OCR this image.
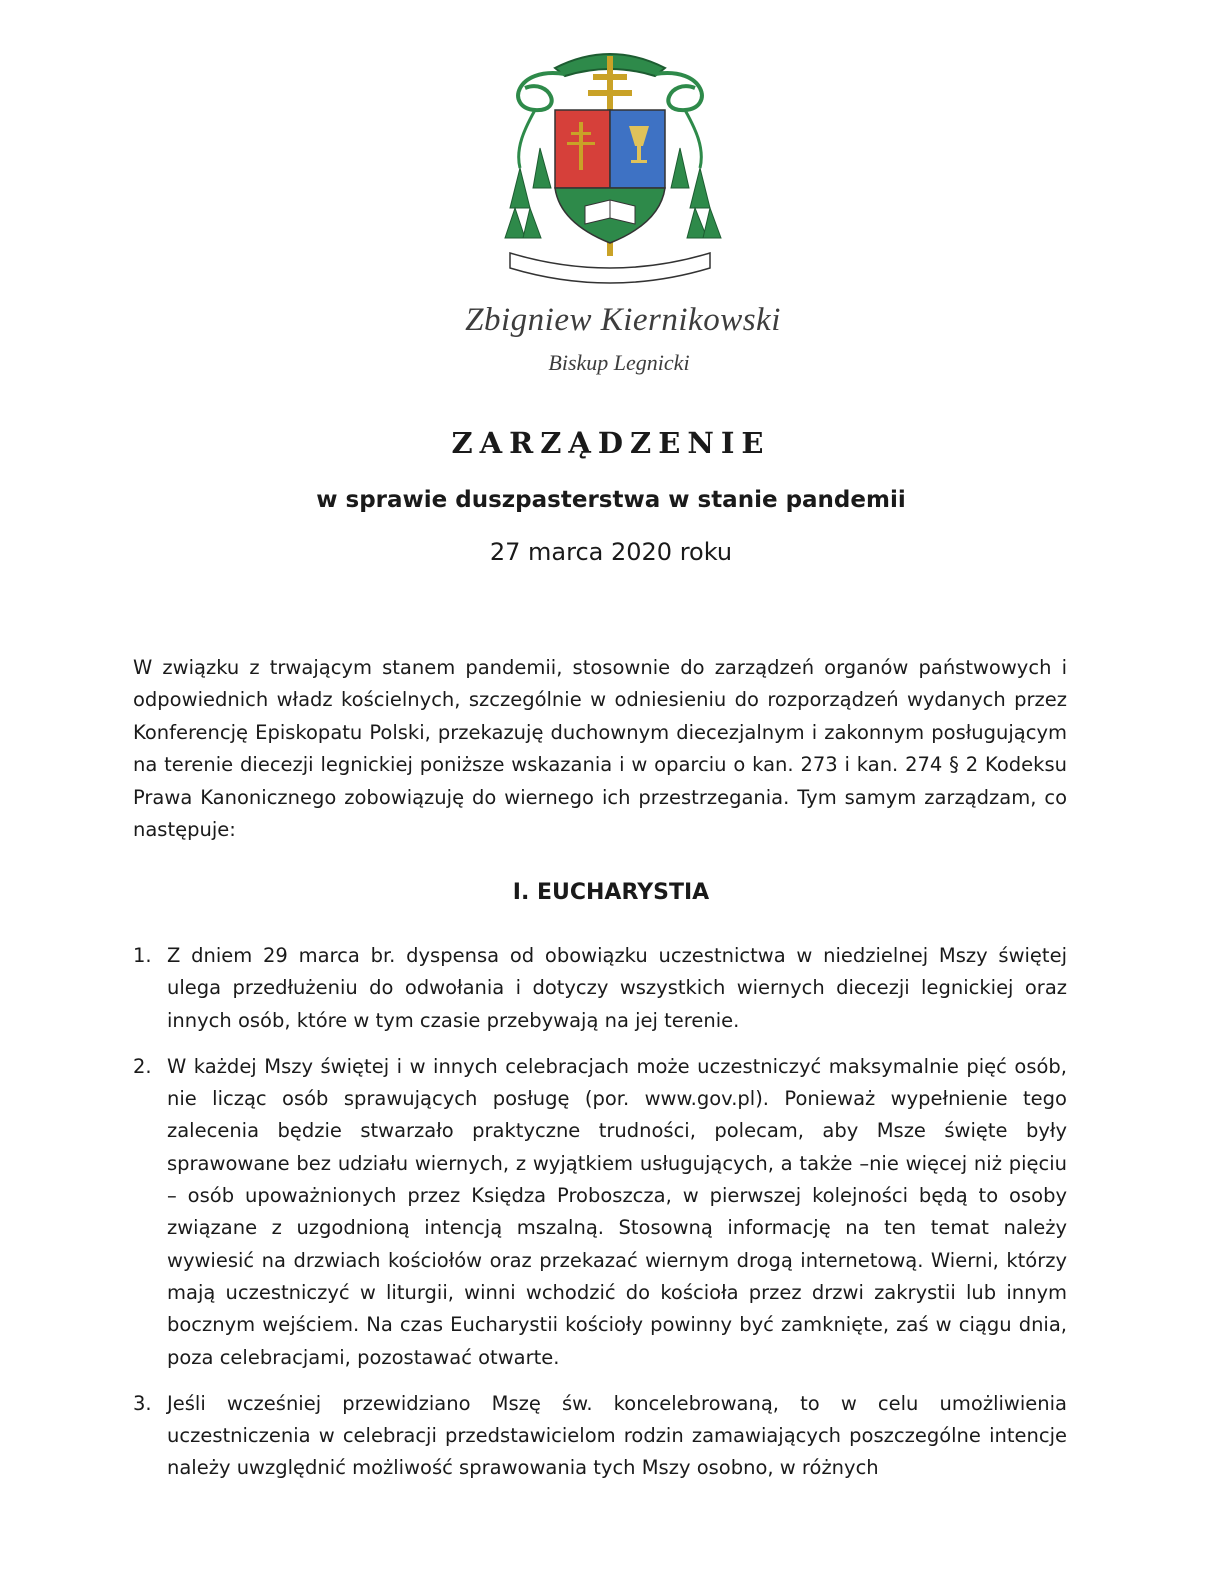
Zbigniew Kiernikowski
Biskup Legnicki
ZARZĄDZENIE
w sprawie duszpasterstwa w stanie pandemii
27 marca 2020 roku

W związku z trwającym stanem pandemii, stosownie do zarządzeń organów państwowych i odpowiednich władz kościelnych, szczególnie w odniesieniu do rozporządzeń wydanych przez Konferencję Episkopatu Polski, przekazuję duchownym diecezjalnym i zakonnym posługującym na terenie diecezji legnickiej poniższe wskazania i w oparciu o kan. 273 i kan. 274 § 2 Kodeksu Prawa Kanonicznego zobowiązuję do wiernego ich przestrzegania. Tym samym zarządzam, co następuje:

I. EUCHARYSTIA
1. Z dniem 29 marca br. dyspensa od obowiązku uczestnictwa w niedzielnej Mszy świętej ulega przedłużeniu do odwołania i dotyczy wszystkich wiernych diecezji legnickiej oraz innych osób, które w tym czasie przebywają na jej terenie.
2. W każdej Mszy świętej i w innych celebracjach może uczestniczyć maksymalnie pięć osób, nie licząc osób sprawujących posługę (por. www.gov.pl). Ponieważ wypełnienie tego zalecenia będzie stwarzało praktyczne trudności, polecam, aby Msze święte były sprawowane bez udziału wiernych, z wyjątkiem usługujących, a także –nie więcej niż pięciu – osób upoważnionych przez Księdza Proboszcza, w pierwszej kolejności będą to osoby związane z uzgodnioną intencją mszalną. Stosowną informację na ten temat należy wywiesić na drzwiach kościołów oraz przekazać wiernym drogą internetową. Wierni, którzy mają uczestniczyć w liturgii, winni wchodzić do kościoła przez drzwi zakrystii lub innym bocznym wejściem. Na czas Eucharystii kościoły powinny być zamknięte, zaś w ciągu dnia, poza celebracjami, pozostawać otwarte.
3. Jeśli wcześniej przewidziano Mszę św. koncelebrowaną, to w celu umożliwienia uczestniczenia w celebracji przedstawicielom rodzin zamawiających poszczególne intencje należy uwzględnić możliwość sprawowania tych Mszy osobno, w różnych
